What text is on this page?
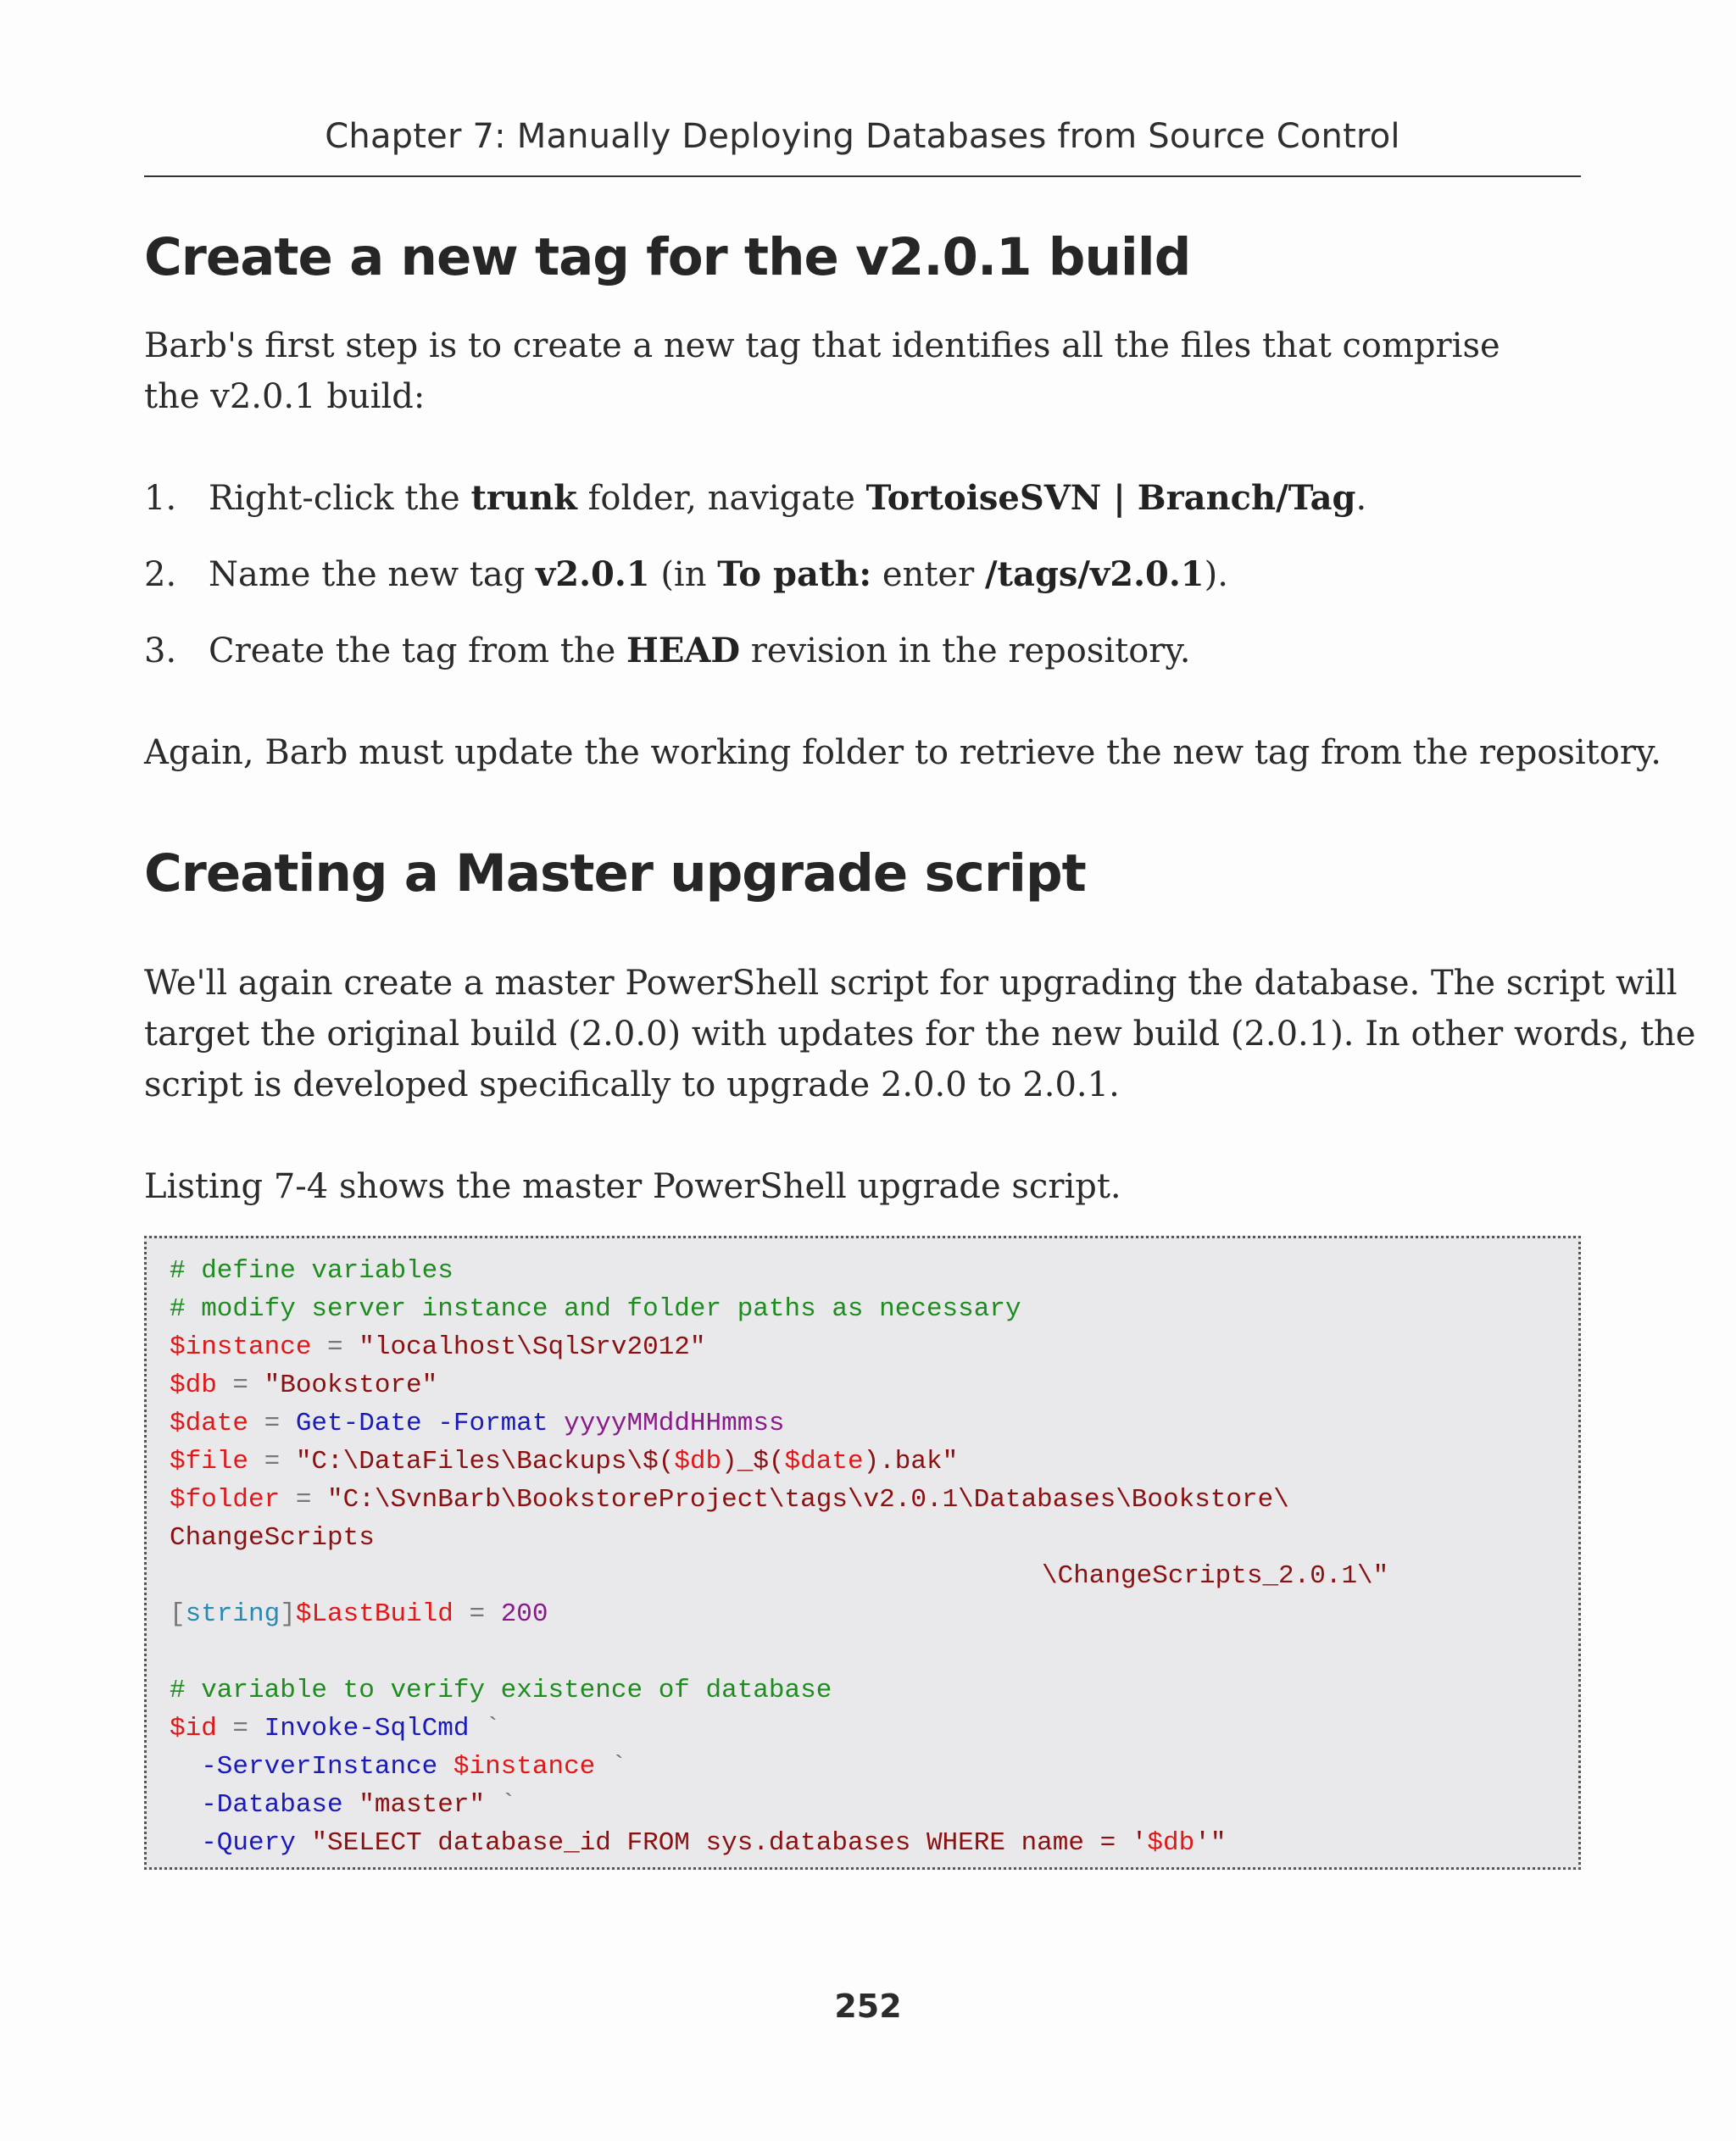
Chapter 7: Manually Deploying Databases from Source Control
Create a new tag for the v2.0.1 build

Barb's first step is to create a new tag that identifies all the files that comprise

the v2.0.1 build:

1. Right-click the trunk folder, navigate TortoiseSVN | Branch/Tag.

2. Name the new tag v2.0.1 (in To path: enter /tags/v2.0.1).

3. Create the tag from the HEAD revision in the repository.

Again, Barb must update the working folder to retrieve the new tag from the repository.

Creating a Master upgrade script

We'll again create a master PowerShell script for upgrading the database. The script will

target the original build (2.0.0) with updates for the new build (2.0.1). In other words, the

script is developed specifically to upgrade 2.0.0 to 2.0.1.

Listing 7-4 shows the master PowerShell upgrade script.

# define variables
# modify server instance and folder paths as necessary
$instance = "localhost\SqlSrv2012"
$db = "Bookstore"
$date = Get-Date -Format yyyyMMddHHmmss
$file = "C:\DataFiles\Backups\$($db)_$($date).bak"
$folder = "C:\SvnBarb\BookstoreProject\tags\v2.0.1\Databases\Bookstore\
ChangeScripts
\ChangeScripts_2.0.1\"
[string]$LastBuild = 200
# variable to verify existence of database
$id = Invoke-SqlCmd `
-ServerInstance $instance `
-Database "master" `
-Query "SELECT database_id FROM sys.databases WHERE name = '$db'"
252
